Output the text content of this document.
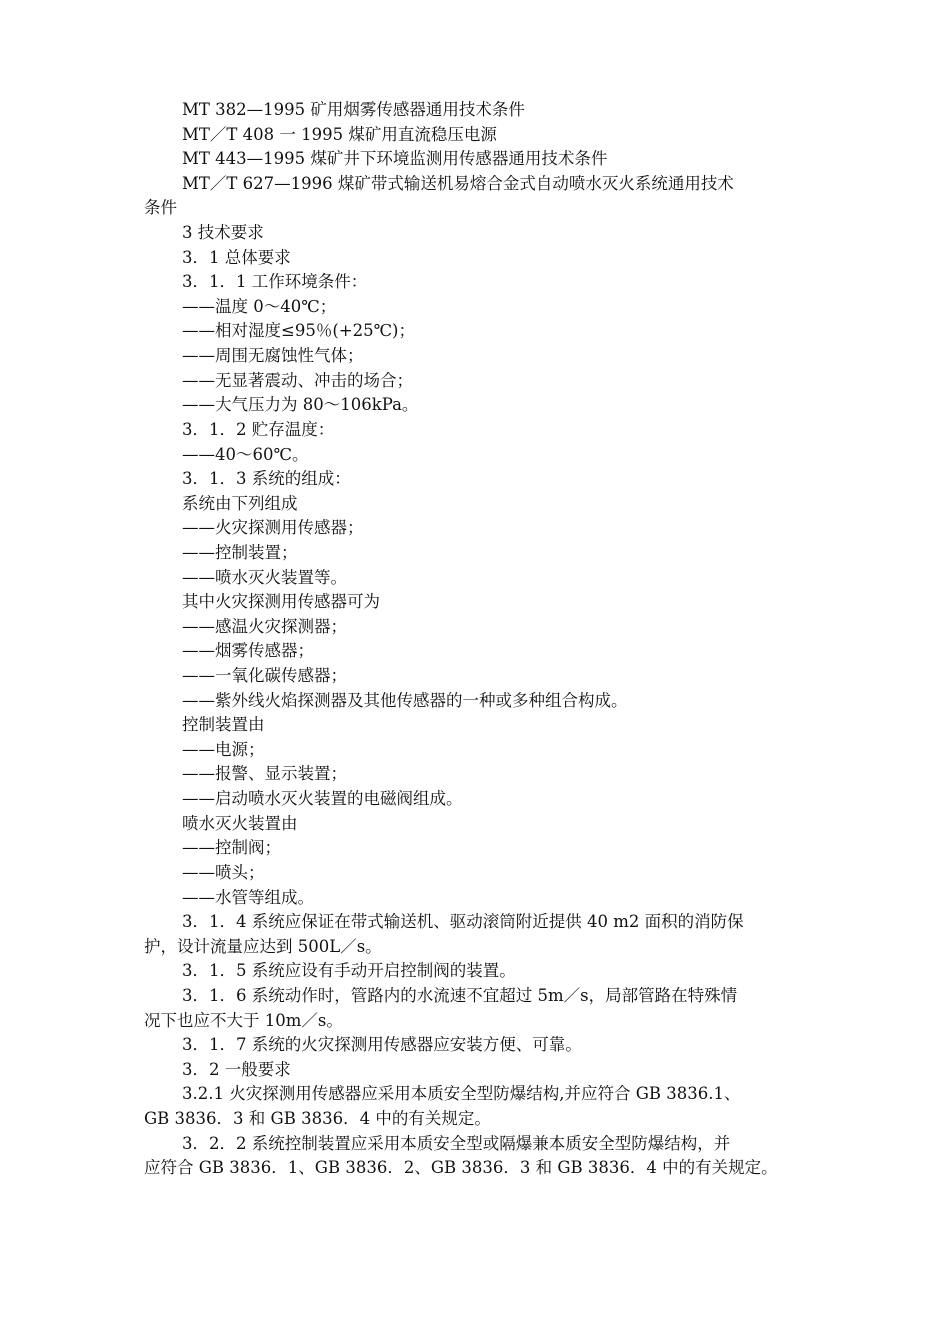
MT 382—1995 矿用烟雾传感器通用技术条件
MT／T 408 一 1995 煤矿用直流稳压电源
MT 443—1995 煤矿井下环境监测用传感器通用技术条件
MT／T 627—1996 煤矿带式输送机易熔合金式自动喷水灭火系统通用技术
条件
3 技术要求
3．1 总体要求
3．1．1 工作环境条件：
——温度 0～40℃；
——相对湿度≤95％(+25℃)；
——周围无腐蚀性气体；
——无显著震动、冲击的场合；
——大气压力为 80～106kPa。
3．1．2 贮存温度：
——40～60℃。
3．1．3 系统的组成：
系统由下列组成
——火灾探测用传感器；
——控制装置；
——喷水灭火装置等。
其中火灾探测用传感器可为
——感温火灾探测器；
——烟雾传感器；
——一氧化碳传感器；
——紫外线火焰探测器及其他传感器的一种或多种组合构成。
控制装置由
——电源；
——报警、显示装置；
——启动喷水灭火装置的电磁阀组成。
喷水灭火装置由
——控制阀；
——喷头；
——水管等组成。
3．1．4 系统应保证在带式输送机、驱动滚筒附近提供 40 m2 面积的消防保
护，设计流量应达到 500L／s。
3．1．5 系统应设有手动开启控制阀的装置。
3．1．6 系统动作时，管路内的水流速不宜超过 5m／s，局部管路在特殊情
况下也应不大于 10m／s。
3．1．7 系统的火灾探测用传感器应安装方便、可靠。
3．2 一般要求
3.2.1 火灾探测用传感器应采用本质安全型防爆结构,并应符合 GB 3836.1、
GB 3836．3 和 GB 3836．4 中的有关规定。
3．2．2 系统控制装置应采用本质安全型或隔爆兼本质安全型防爆结构，并
应符合 GB 3836．1、GB 3836．2、GB 3836．3 和 GB 3836．4 中的有关规定。
